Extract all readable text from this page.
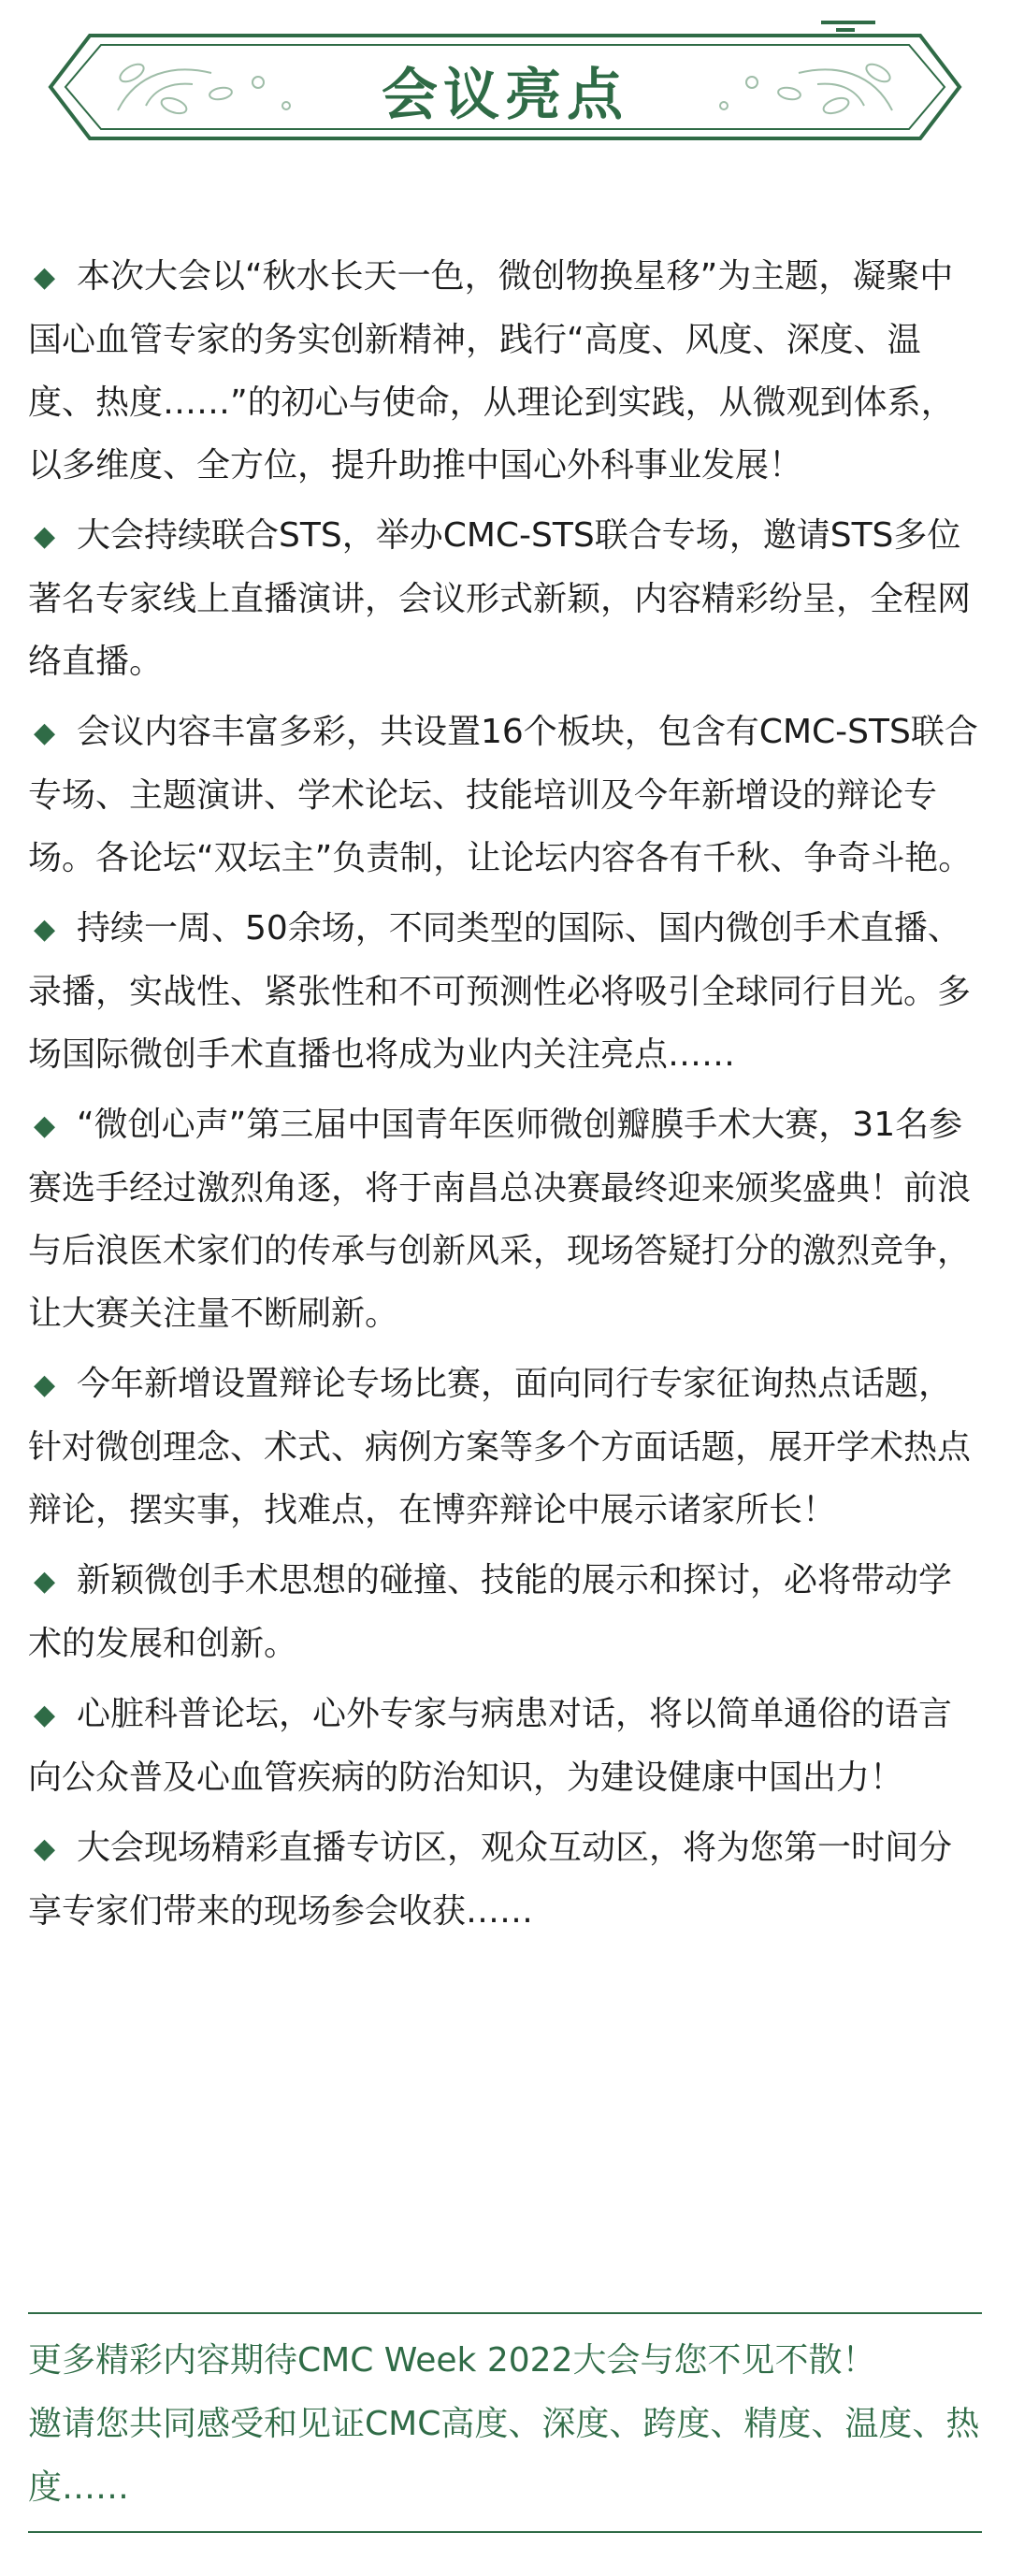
会议亮点
◆ 本次大会以“秋水长天一色，微创物换星移”为主题，凝聚中国心血管专家的务实创新精神，践行“高度、风度、深度、温度、热度……”的初心与使命，从理论到实践，从微观到体系，以多维度、全方位，提升助推中国心外科事业发展！
◆ 大会持续联合STS，举办CMC-STS联合专场，邀请STS多位著名专家线上直播演讲，会议形式新颖，内容精彩纷呈，全程网络直播。
◆ 会议内容丰富多彩，共设置16个板块，包含有CMC-STS联合专场、主题演讲、学术论坛、技能培训及今年新增设的辩论专场。各论坛“双坛主”负责制，让论坛内容各有千秋、争奇斗艳。
◆ 持续一周、50余场，不同类型的国际、国内微创手术直播、录播，实战性、紧张性和不可预测性必将吸引全球同行目光。多场国际微创手术直播也将成为业内关注亮点……
◆ “微创心声”第三届中国青年医师微创瓣膜手术大赛，31名参赛选手经过激烈角逐，将于南昌总决赛最终迎来颁奖盛典！前浪与后浪医术家们的传承与创新风采，现场答疑打分的激烈竞争，让大赛关注量不断刷新。
◆ 今年新增设置辩论专场比赛，面向同行专家征询热点话题，针对微创理念、术式、病例方案等多个方面话题，展开学术热点辩论，摆实事，找难点，在博弈辩论中展示诸家所长！
◆ 新颖微创手术思想的碰撞、技能的展示和探讨，必将带动学术的发展和创新。
◆ 心脏科普论坛，心外专家与病患对话，将以简单通俗的语言向公众普及心血管疾病的防治知识，为建设健康中国出力！
◆ 大会现场精彩直播专访区，观众互动区，将为您第一时间分享专家们带来的现场参会收获……

更多精彩内容期待CMC Week 2022大会与您不见不散！

邀请您共同感受和见证CMC高度、深度、跨度、精度、温度、热度……
